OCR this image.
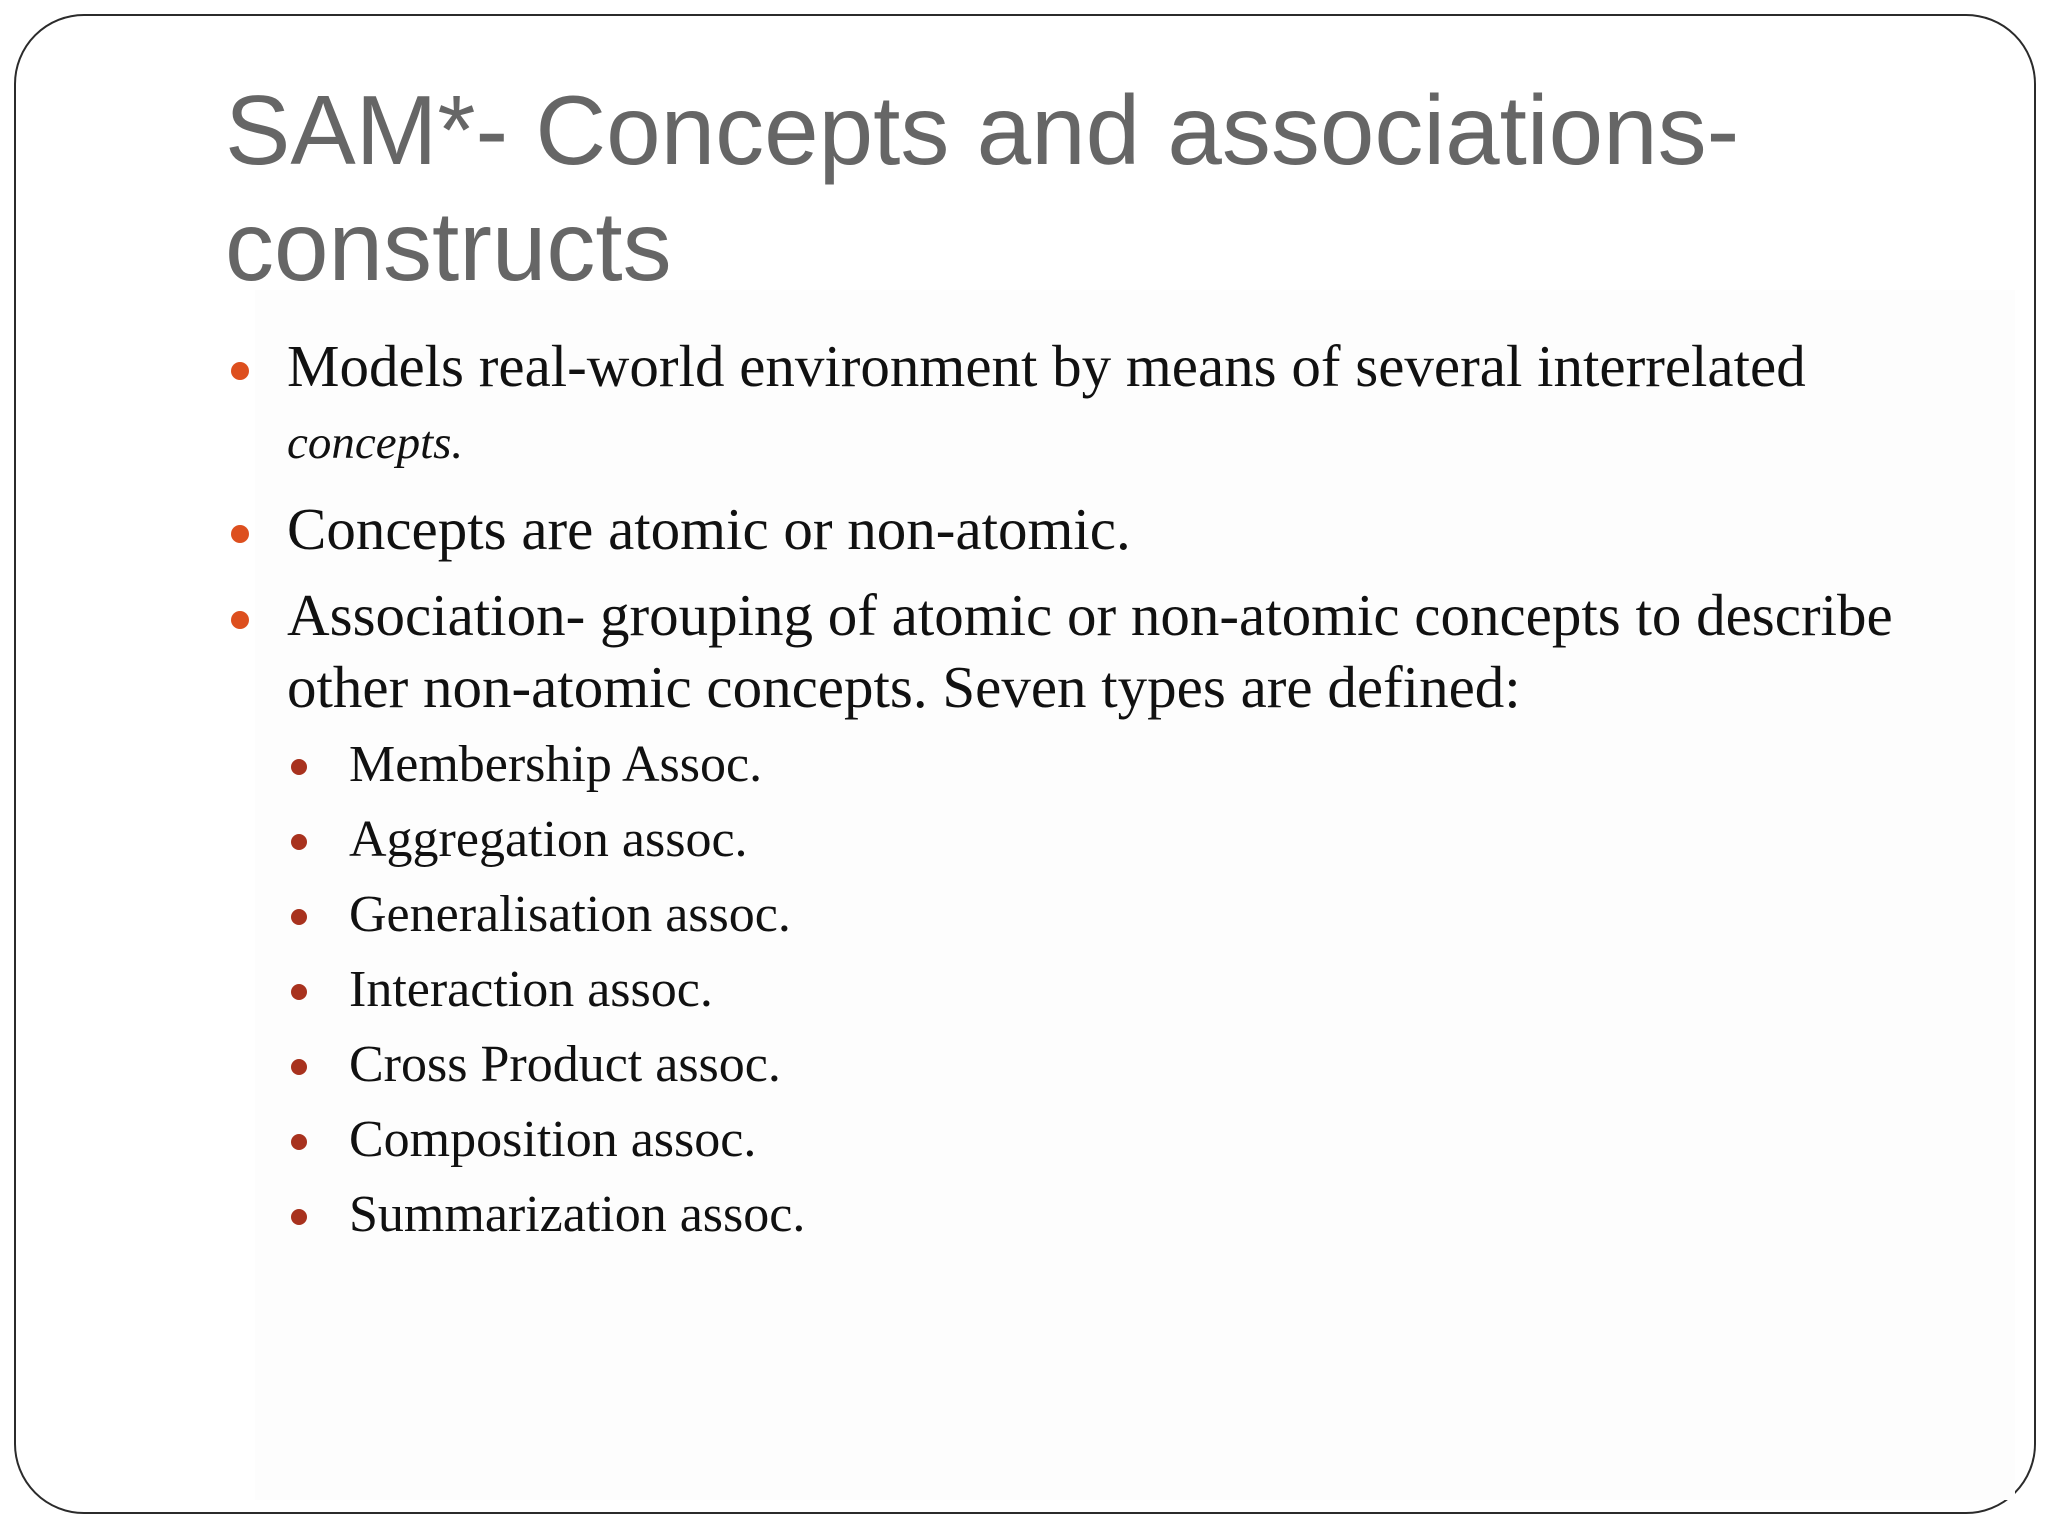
SAM*- Concepts and associations- constructs
Models real-world environment by means of several interrelated concepts.
Concepts are atomic or non-atomic.
Association- grouping of atomic or non-atomic concepts to describe other non-atomic concepts. Seven types are defined:
Membership Assoc.
Aggregation assoc.
Generalisation assoc.
Interaction assoc.
Cross Product assoc.
Composition assoc.
Summarization assoc.
